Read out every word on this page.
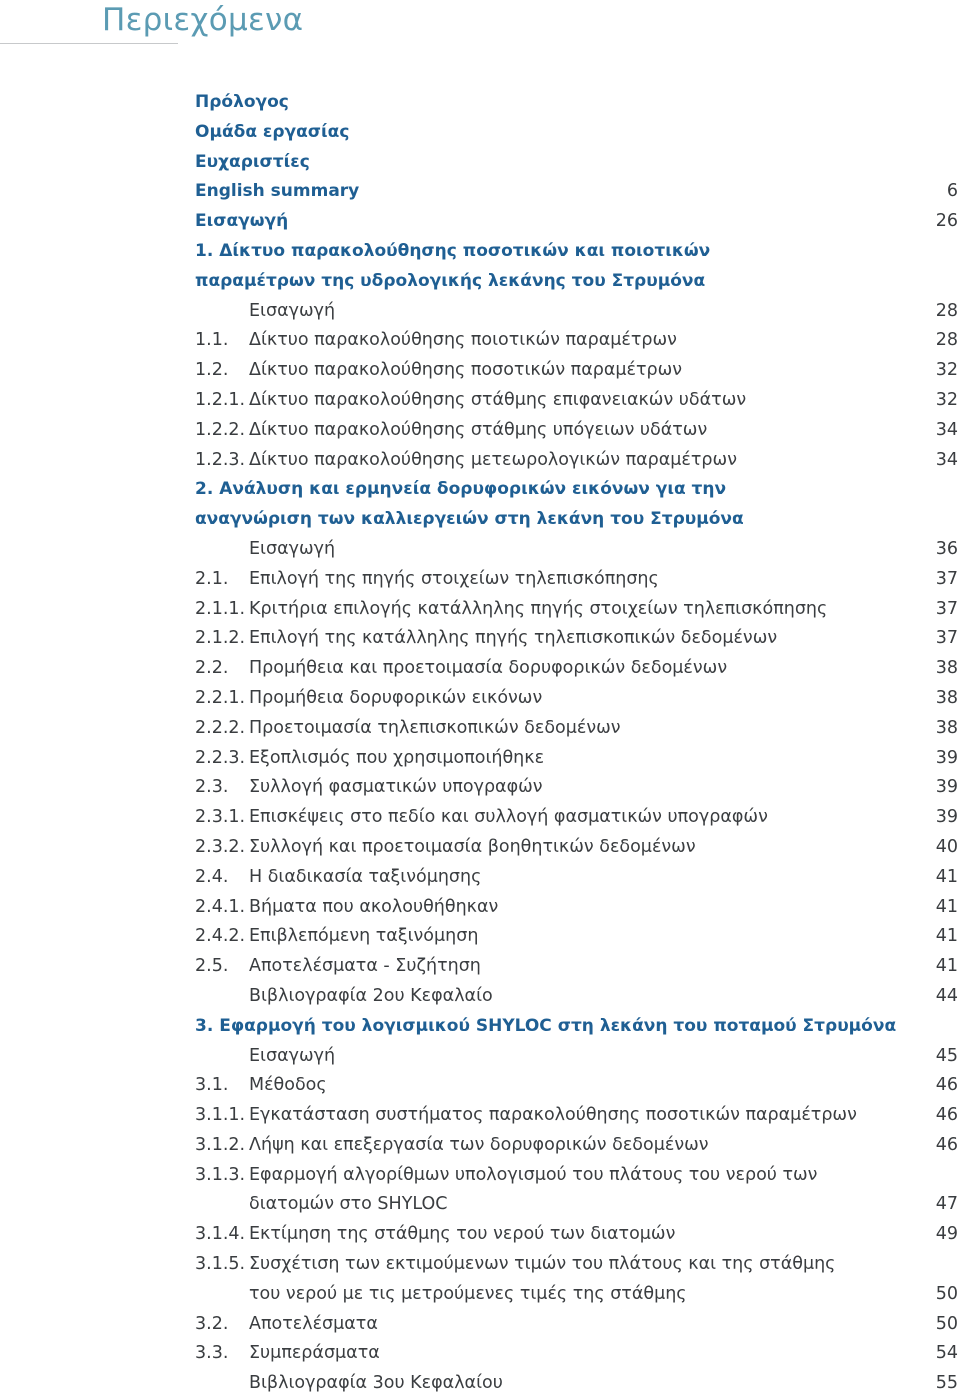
Περιεχόμενα
Πρόλογος
Ομάδα εργασίας
Ευχαριστίες
English summary	6
Εισαγωγή	26
1. Δίκτυο παρακολούθησης ποσοτικών και ποιοτικών
παραμέτρων της υδρολογικής λεκάνης του Στρυμόνα
Εισαγωγή	28
1.1. Δίκτυο παρακολούθησης ποιοτικών παραμέτρων	28
1.2. Δίκτυο παρακολούθησης ποσοτικών παραμέτρων	32
1.2.1. Δίκτυο παρακολούθησης στάθμης επιφανειακών υδάτων	32
1.2.2. Δίκτυο παρακολούθησης στάθμης υπόγειων υδάτων	34
1.2.3. Δίκτυο παρακολούθησης μετεωρολογικών παραμέτρων	34
2. Ανάλυση και ερμηνεία δορυφορικών εικόνων για την
αναγνώριση των καλλιεργειών στη λεκάνη του Στρυμόνα
Εισαγωγή	36
2.1. Επιλογή της πηγής στοιχείων τηλεπισκόπησης	37
2.1.1. Κριτήρια επιλογής κατάλληλης πηγής στοιχείων τηλεπισκόπησης	37
2.1.2. Επιλογή της κατάλληλης πηγής τηλεπισκοπικών δεδομένων	37
2.2. Προμήθεια και προετοιμασία δορυφορικών δεδομένων	38
2.2.1. Προμήθεια δορυφορικών εικόνων	38
2.2.2. Προετοιμασία τηλεπισκοπικών δεδομένων	38
2.2.3. Εξοπλισμός που χρησιμοποιήθηκε	39
2.3. Συλλογή φασματικών υπογραφών	39
2.3.1. Επισκέψεις στο πεδίο και συλλογή φασματικών υπογραφών	39
2.3.2. Συλλογή και προετοιμασία βοηθητικών δεδομένων	40
2.4. Η διαδικασία ταξινόμησης	41
2.4.1. Βήματα που ακολουθήθηκαν	41
2.4.2. Επιβλεπόμενη ταξινόμηση	41
2.5. Αποτελέσματα - Συζήτηση	41
Βιβλιογραφία 2ου Κεφαλαίο	44
3. Εφαρμογή του λογισμικού SHYLOC στη λεκάνη του ποταμού Στρυμόνα
Εισαγωγή	45
3.1. Μέθοδος	46
3.1.1. Εγκατάσταση συστήματος παρακολούθησης ποσοτικών παραμέτρων	46
3.1.2. Λήψη και επεξεργασία των δορυφορικών δεδομένων	46
3.1.3. Εφαρμογή αλγορίθμων υπολογισμού του πλάτους του νερού των
διατομών στο SHYLOC	47
3.1.4. Εκτίμηση της στάθμης του νερού των διατομών	49
3.1.5. Συσχέτιση των εκτιμούμενων τιμών του πλάτους και της στάθμης
του νερού με τις μετρούμενες τιμές της στάθμης	50
3.2. Αποτελέσματα	50
3.3. Συμπεράσματα	54
Βιβλιογραφία 3ου Κεφαλαίου	55
